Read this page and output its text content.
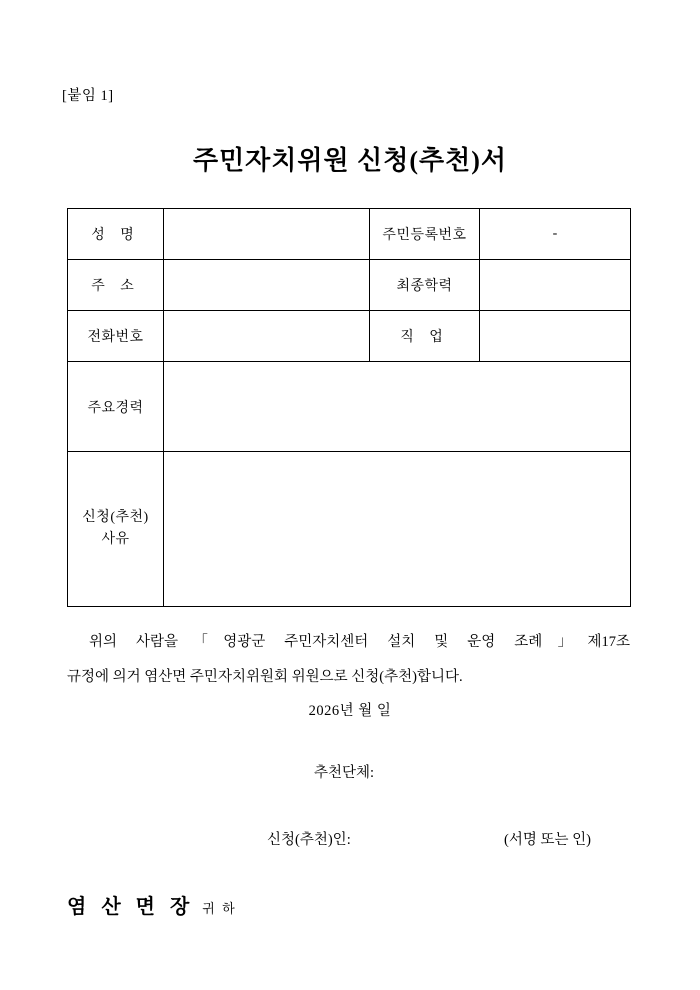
[붙임 1]
주민자치위원 신청(추천)서
성 명		주민등록번호	-
주 소		최종학력	
전화번호		직 업	
주요경력			

신청(추천)
사유			

위의 사람을「영광군 주민자치센터 설치 및 운영 조례」제17조
규정에 의거 염산면 주민자치위원회 위원으로 신청(추천)합니다.
2026년 월 일
추천단체:
신청(추천)인:	(서명 또는 인)
염 산 면 장 귀 하
